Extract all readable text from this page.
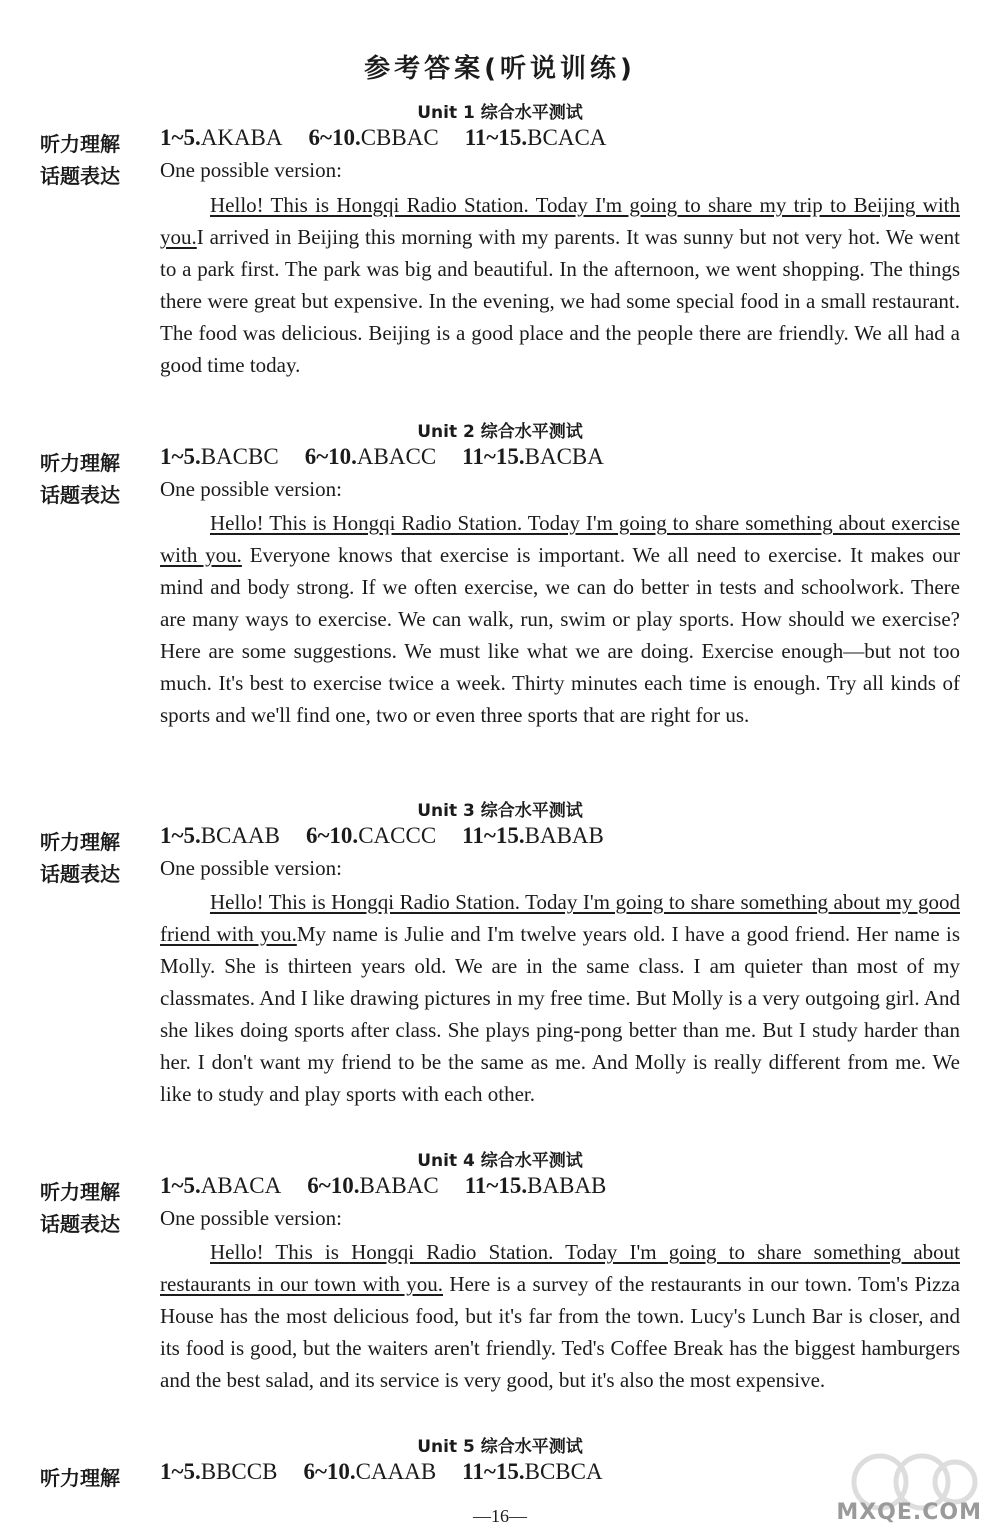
参考答案(听说训练)
Unit 1 综合水平测试
听力理解 1~5.AKABA 6~10.CBBAC 11~15.BCACA
话题表达 One possible version:

Hello! This is Hongqi Radio Station. Today I'm going to share my trip to Beijing with you.I arrived in Beijing this morning with my parents. It was sunny but not very hot. We went to a park first. The park was big and beautiful. In the afternoon, we went shopping. The things there were great but expensive. In the evening, we had some special food in a small restaurant. The food was delicious. Beijing is a good place and the people there are friendly. We all had a good time today.

Unit 2 综合水平测试
听力理解 1~5.BACBC 6~10.ABACC 11~15.BACBA
话题表达 One possible version:

Hello! This is Hongqi Radio Station. Today I'm going to share something about exercise with you. Everyone knows that exercise is important. We all need to exercise. It makes our mind and body strong. If we often exercise, we can do better in tests and schoolwork. There are many ways to exercise. We can walk, run, swim or play sports. How should we exercise? Here are some suggestions. We must like what we are doing. Exercise enough—but not too much. It's best to exercise twice a week. Thirty minutes each time is enough. Try all kinds of sports and we'll find one, two or even three sports that are right for us.

Unit 3 综合水平测试
听力理解 1~5.BCAAB 6~10.CACCC 11~15.BABAB
话题表达 One possible version:

Hello! This is Hongqi Radio Station. Today I'm going to share something about my good friend with you.My name is Julie and I'm twelve years old. I have a good friend. Her name is Molly. She is thirteen years old. We are in the same class. I am quieter than most of my classmates. And I like drawing pictures in my free time. But Molly is a very outgoing girl. And she likes doing sports after class. She plays ping-pong better than me. But I study harder than her. I don't want my friend to be the same as me. And Molly is really different from me. We like to study and play sports with each other.

Unit 4 综合水平测试
听力理解 1~5.ABACA 6~10.BABAC 11~15.BABAB
话题表达 One possible version:

Hello! This is Hongqi Radio Station. Today I'm going to share something about restaurants in our town with you. Here is a survey of the restaurants in our town. Tom's Pizza House has the most delicious food, but it's far from the town. Lucy's Lunch Bar is closer, and its food is good, but the waiters aren't friendly. Ted's Coffee Break has the biggest hamburgers and the best salad, and its service is very good, but it's also the most expensive.

Unit 5 综合水平测试
听力理解 1~5.BBCCB 6~10.CAAAB 11~15.BCBCA
MXQE.COM
—16—
